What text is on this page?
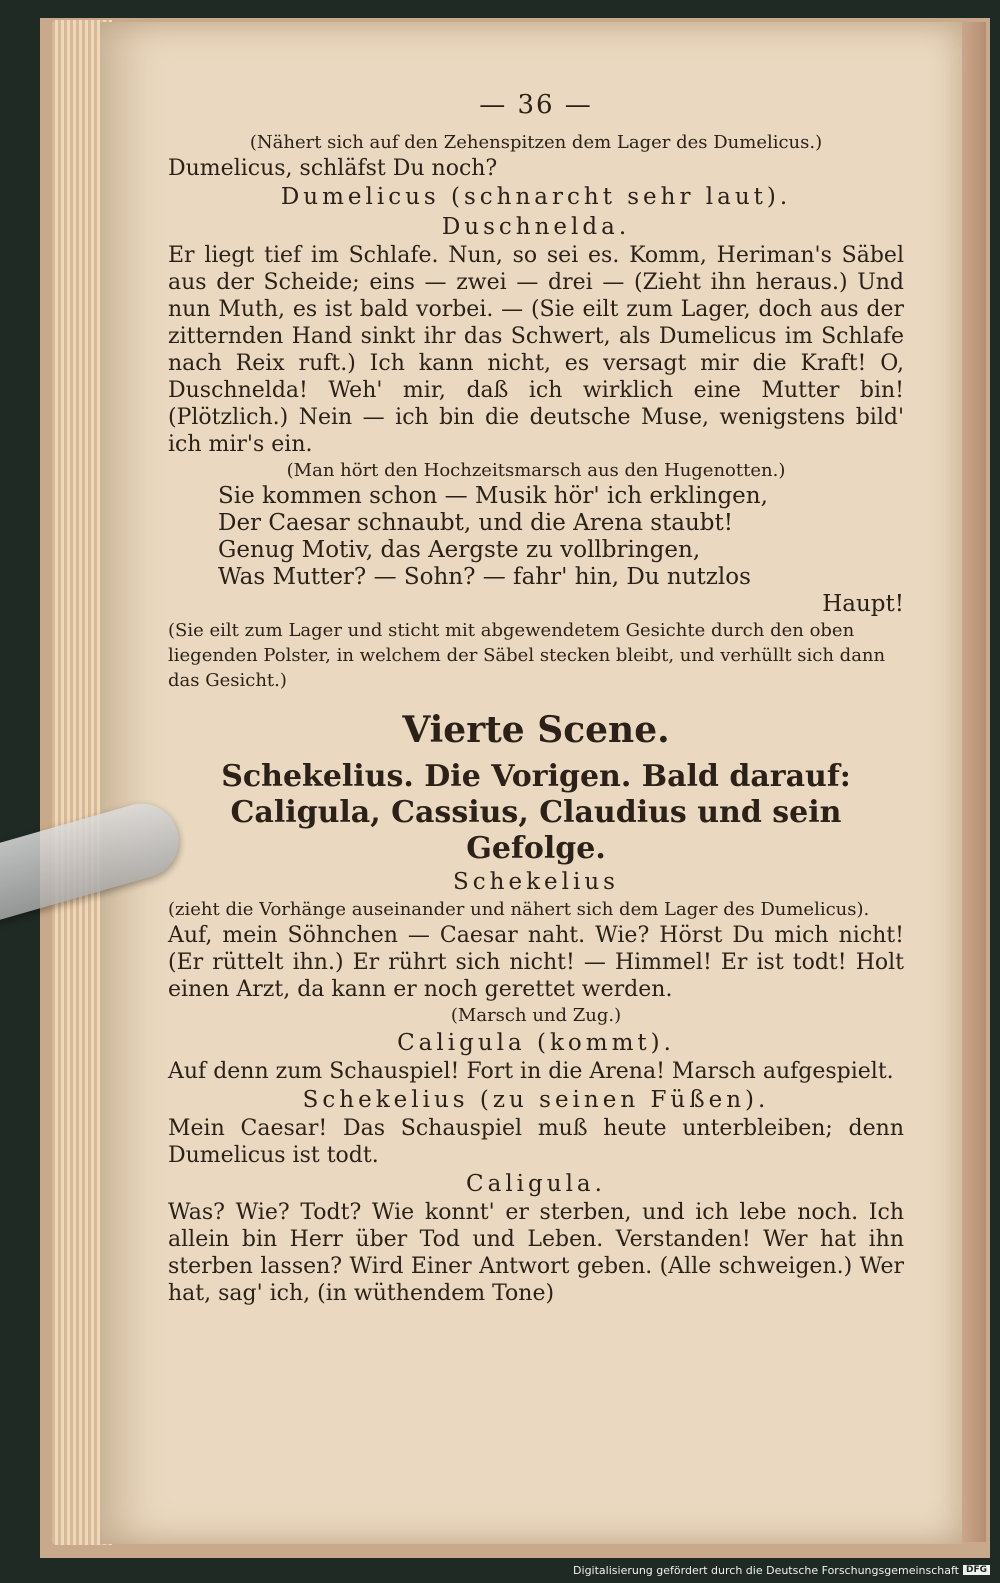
— 36 —
(Nähert sich auf den Zehenspitzen dem Lager des Dumelicus.)
Dumelicus, schläfst Du noch?
Dumelicus (schnarcht sehr laut).
Duschnelda.
Er liegt tief im Schlafe. Nun, so sei es. Komm, Heriman's Säbel aus der Scheide; eins — zwei — drei — (Zieht ihn heraus.) Und nun Muth, es ist bald vorbei. — (Sie eilt zum Lager, doch aus der zitternden Hand sinkt ihr das Schwert, als Dumelicus im Schlafe nach Reix ruft.) Ich kann nicht, es versagt mir die Kraft! O, Duschnelda! Weh' mir, daß ich wirklich eine Mutter bin! (Plötzlich.) Nein — ich bin die deutsche Muse, wenigstens bild' ich mir's ein.
(Man hört den Hochzeitsmarsch aus den Hugenotten.)
Sie kommen schon — Musik hör' ich erklingen,
Der Caesar schnaubt, und die Arena staubt!
Genug Motiv, das Aergste zu vollbringen,
Was Mutter? — Sohn? — fahr' hin, Du nutzlos
Haupt!
(Sie eilt zum Lager und sticht mit abgewendetem Gesichte durch den oben liegenden Polster, in welchem der Säbel stecken bleibt, und verhüllt sich dann das Gesicht.)
Vierte Scene.
Schekelius. Die Vorigen. Bald darauf: Caligula, Cassius, Claudius und sein Gefolge.
Schekelius
(zieht die Vorhänge auseinander und nähert sich dem Lager des Dumelicus).
Auf, mein Söhnchen — Caesar naht. Wie? Hörst Du mich nicht! (Er rüttelt ihn.) Er rührt sich nicht! — Himmel! Er ist todt! Holt einen Arzt, da kann er noch gerettet werden.
(Marsch und Zug.)
Caligula (kommt).
Auf denn zum Schauspiel! Fort in die Arena! Marsch aufgespielt.
Schekelius (zu seinen Füßen).
Mein Caesar! Das Schauspiel muß heute unterbleiben; denn Dumelicus ist todt.
Caligula.
Was? Wie? Todt? Wie konnt' er sterben, und ich lebe noch. Ich allein bin Herr über Tod und Leben. Verstanden! Wer hat ihn sterben lassen? Wird Einer Antwort geben. (Alle schweigen.) Wer hat, sag' ich, (in wüthendem Tone)
Digitalisierung gefördert durch die Deutsche Forschungsgemeinschaft DFG
